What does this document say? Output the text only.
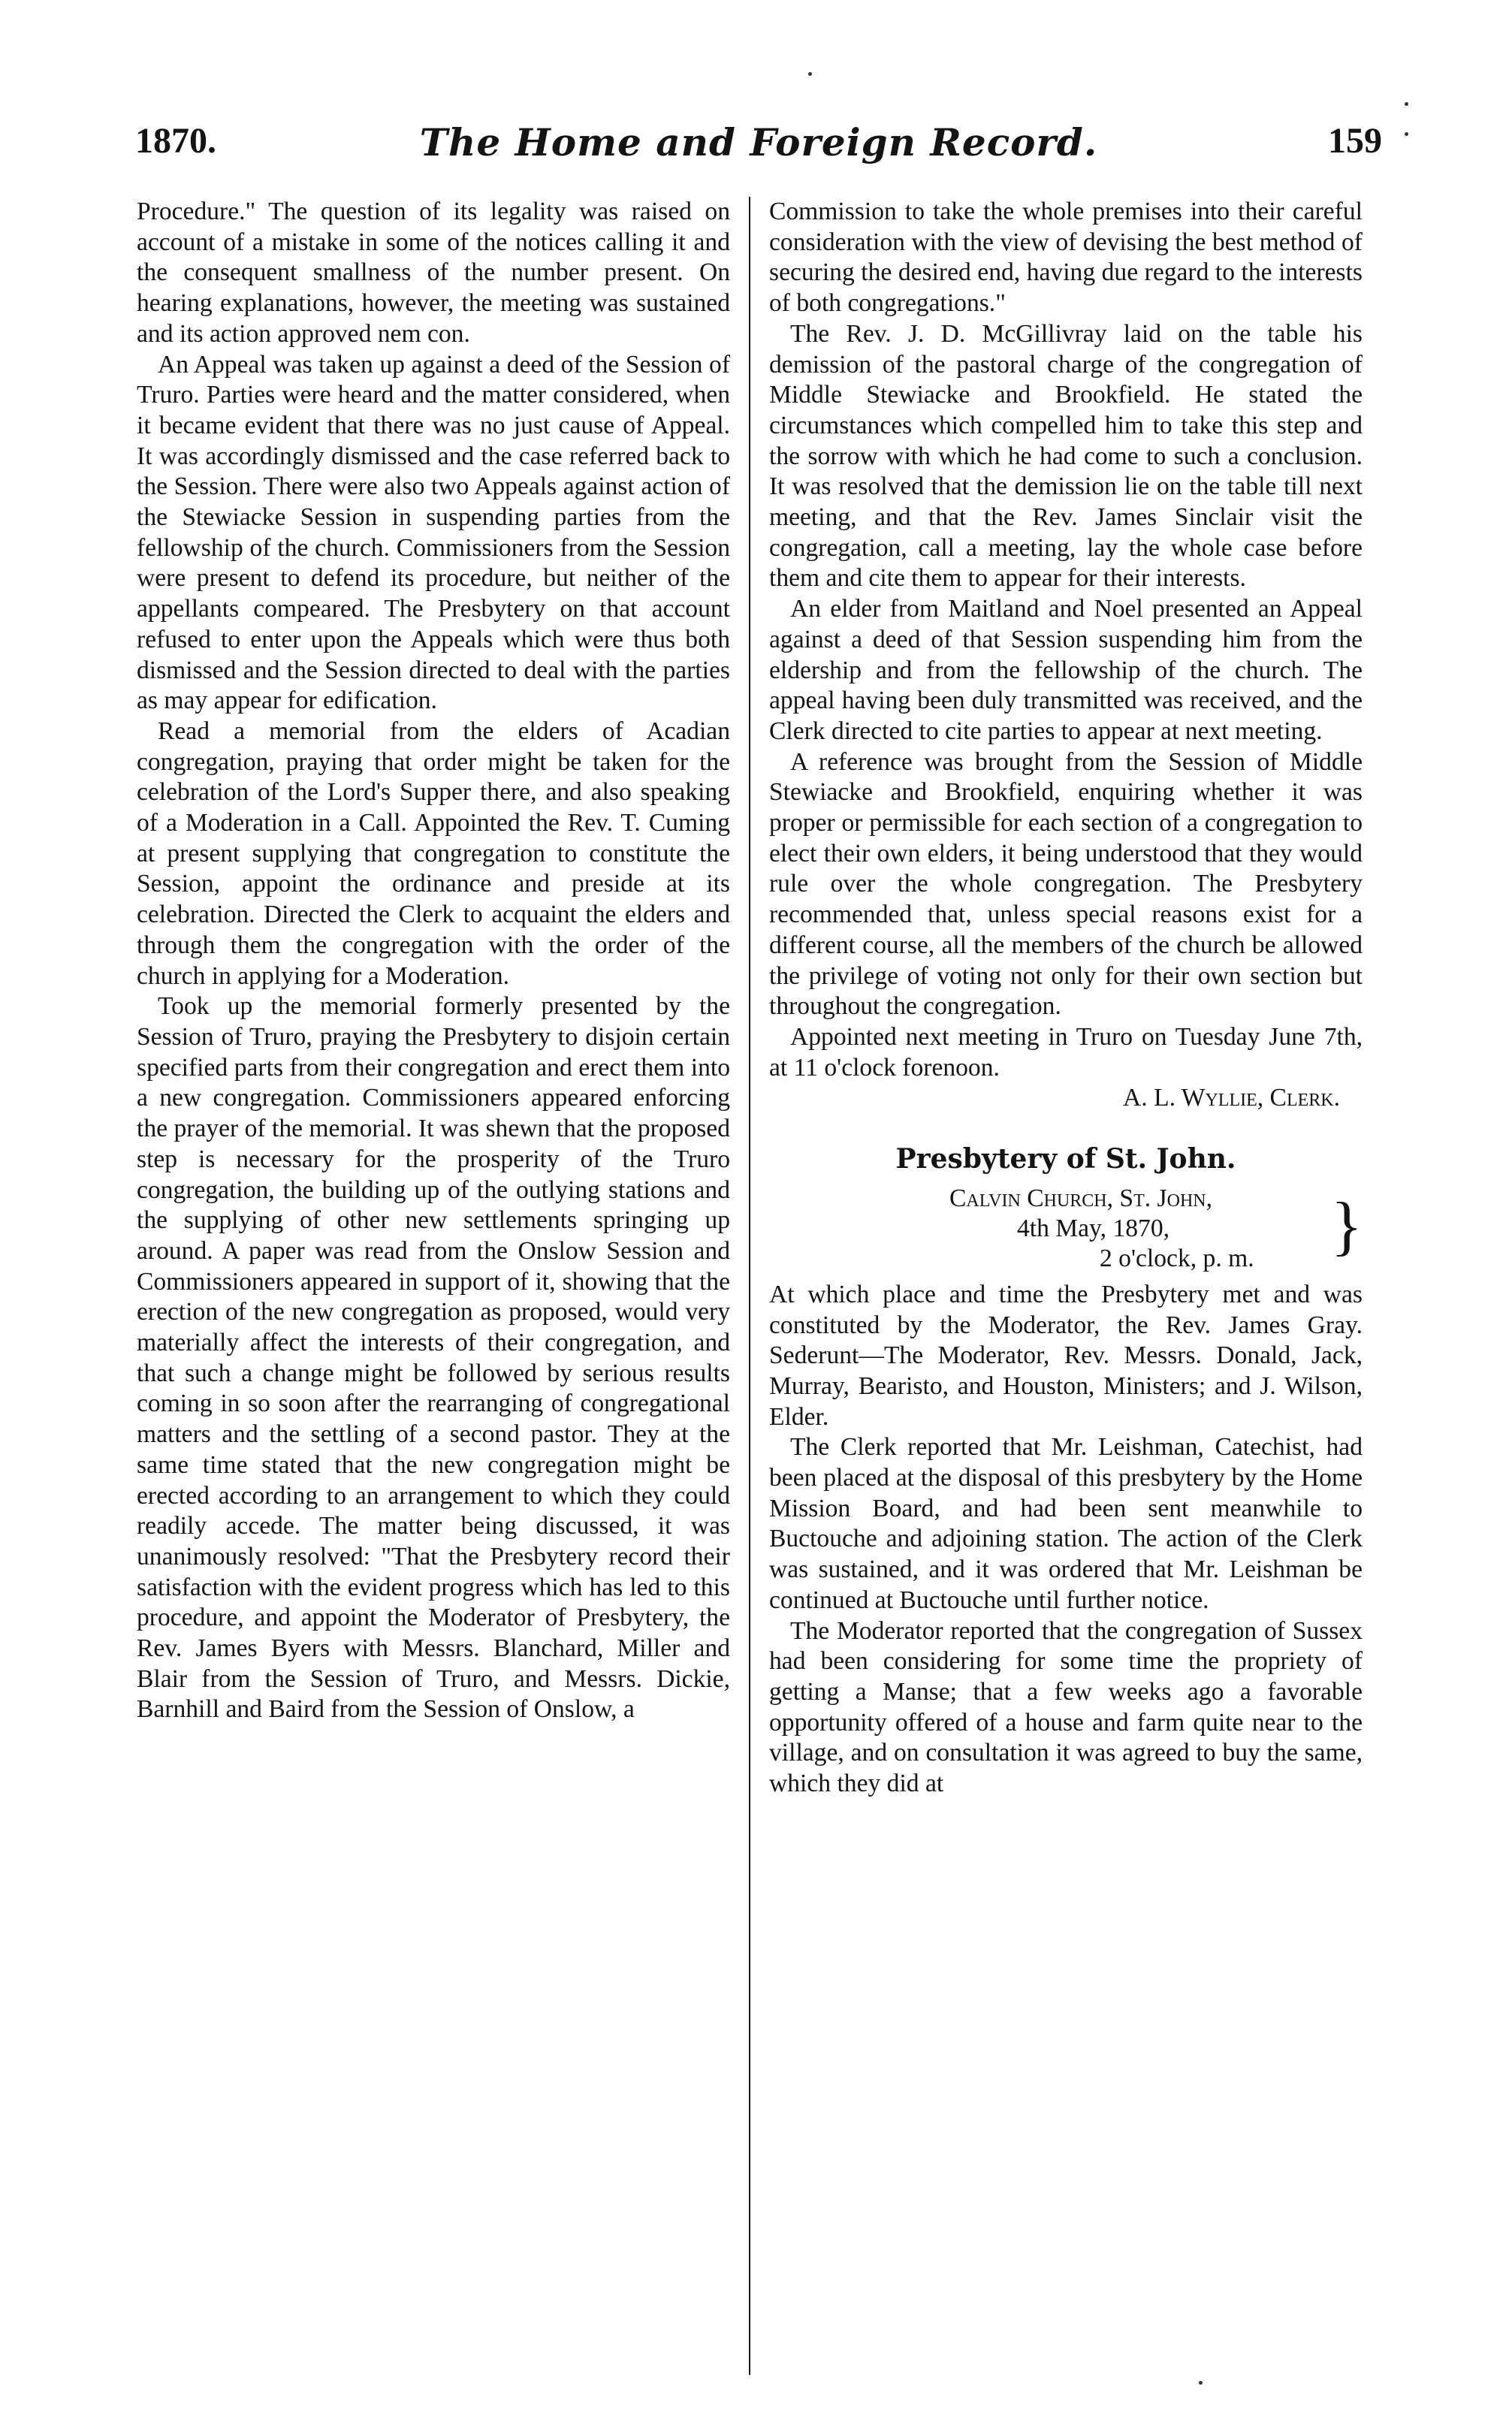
1870.	The Home and Foreign Record.	159

Procedure." The question of its legality was raised on account of a mistake in some of the notices calling it and the consequent smallness of the number present. On hearing explanations, however, the meeting was sustained and its action approved nem con.

An Appeal was taken up against a deed of the Session of Truro. Parties were heard and the matter considered, when it became evident that there was no just cause of Appeal. It was accordingly dismissed and the case referred back to the Session. There were also two Appeals against action of the Stewiacke Session in suspending parties from the fellowship of the church. Commissioners from the Session were present to defend its procedure, but neither of the appellants compeared. The Presbytery on that account refused to enter upon the Appeals which were thus both dismissed and the Session directed to deal with the parties as may appear for edification.

Read a memorial from the elders of Acadian congregation, praying that order might be taken for the celebration of the Lord's Supper there, and also speaking of a Moderation in a Call. Appointed the Rev. T. Cuming at present supplying that congregation to constitute the Session, appoint the ordinance and preside at its celebration. Directed the Clerk to acquaint the elders and through them the congregation with the order of the church in applying for a Moderation.

Took up the memorial formerly presented by the Session of Truro, praying the Presbytery to disjoin certain specified parts from their congregation and erect them into a new congregation. Commissioners appeared enforcing the prayer of the memorial. It was shewn that the proposed step is necessary for the prosperity of the Truro congregation, the building up of the outlying stations and the supplying of other new settlements springing up around. A paper was read from the Onslow Session and Commissioners appeared in support of it, showing that the erection of the new congregation as proposed, would very materially affect the interests of their congregation, and that such a change might be followed by serious results coming in so soon after the rearranging of congregational matters and the settling of a second pastor. They at the same time stated that the new congregation might be erected according to an arrangement to which they could readily accede. The matter being discussed, it was unanimously resolved: "That the Presbytery record their satisfaction with the evident progress which has led to this procedure, and appoint the Moderator of Presbytery, the Rev. James Byers with Messrs. Blanchard, Miller and Blair from the Session of Truro, and Messrs. Dickie, Barnhill and Baird from the Session of Onslow, a

Commission to take the whole premises into their careful consideration with the view of devising the best method of securing the desired end, having due regard to the interests of both congregations."

The Rev. J. D. McGillivray laid on the table his demission of the pastoral charge of the congregation of Middle Stewiacke and Brookfield. He stated the circumstances which compelled him to take this step and the sorrow with which he had come to such a conclusion. It was resolved that the demission lie on the table till next meeting, and that the Rev. James Sinclair visit the congregation, call a meeting, lay the whole case before them and cite them to appear for their interests.

An elder from Maitland and Noel presented an Appeal against a deed of that Session suspending him from the eldership and from the fellowship of the church. The appeal having been duly transmitted was received, and the Clerk directed to cite parties to appear at next meeting.

A reference was brought from the Session of Middle Stewiacke and Brookfield, enquiring whether it was proper or permissible for each section of a congregation to elect their own elders, it being understood that they would rule over the whole congregation. The Presbytery recommended that, unless special reasons exist for a different course, all the members of the church be allowed the privilege of voting not only for their own section but throughout the congregation.

Appointed next meeting in Truro on Tuesday June 7th, at 11 o'clock forenoon.

A. L. Wyllie, Clerk.

Presbytery of St. John.
Calvin Church, St. John,
4th May, 1870,
2 o'clock, p. m.	}

At which place and time the Presbytery met and was constituted by the Moderator, the Rev. James Gray. Sederunt—The Moderator, Rev. Messrs. Donald, Jack, Murray, Bearisto, and Houston, Ministers; and J. Wilson, Elder.

The Clerk reported that Mr. Leishman, Catechist, had been placed at the disposal of this presbytery by the Home Mission Board, and had been sent meanwhile to Buctouche and adjoining station. The action of the Clerk was sustained, and it was ordered that Mr. Leishman be continued at Buctouche until further notice.

The Moderator reported that the congregation of Sussex had been considering for some time the propriety of getting a Manse; that a few weeks ago a favorable opportunity offered of a house and farm quite near to the village, and on consultation it was agreed to buy the same, which they did at
